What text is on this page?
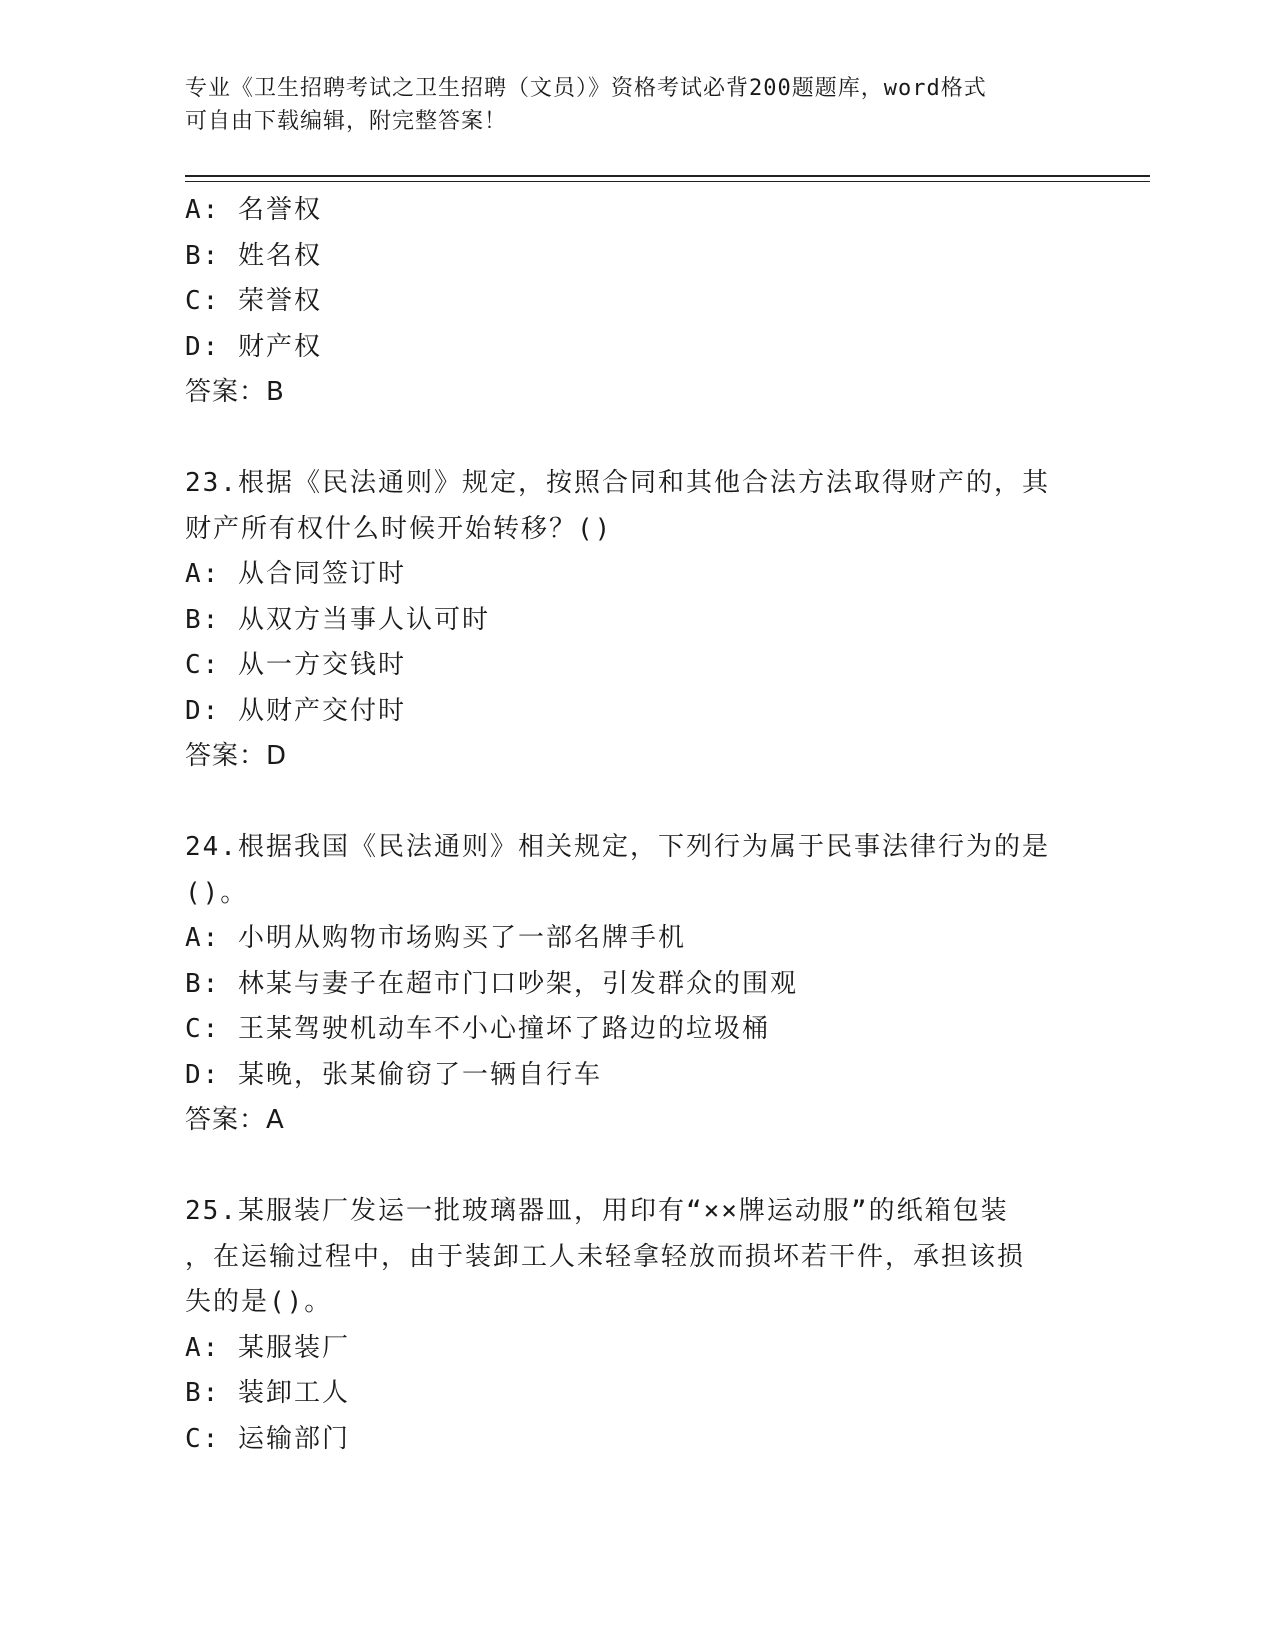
专业《卫生招聘考试之卫生招聘（文员）》资格考试必背200题题库，word格式
可自由下载编辑，附完整答案！
A: 名誉权
B: 姓名权
C: 荣誉权
D: 财产权
答案：B
23.根据《民法通则》规定，按照合同和其他合法方法取得财产的，其
财产所有权什么时候开始转移？()
A: 从合同签订时
B: 从双方当事人认可时
C: 从一方交钱时
D: 从财产交付时
答案：D
24.根据我国《民法通则》相关规定，下列行为属于民事法律行为的是
()。
A: 小明从购物市场购买了一部名牌手机
B: 林某与妻子在超市门口吵架，引发群众的围观
C: 王某驾驶机动车不小心撞坏了路边的垃圾桶
D: 某晚，张某偷窃了一辆自行车
答案：A
25.某服装厂发运一批玻璃器皿，用印有“××牌运动服”的纸箱包装
，在运输过程中，由于装卸工人未轻拿轻放而损坏若干件，承担该损
失的是()。
A: 某服装厂
B: 装卸工人
C: 运输部门
